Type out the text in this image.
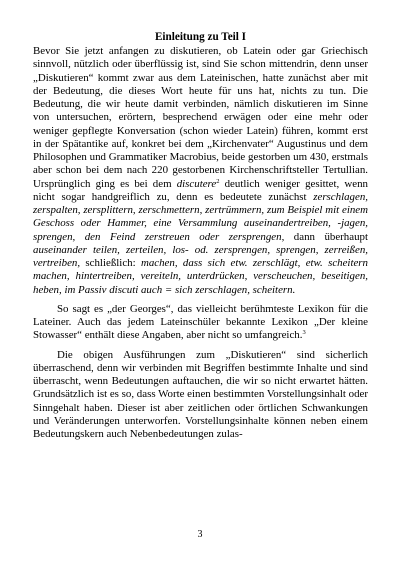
Einleitung zu Teil I

Bevor Sie jetzt anfangen zu diskutieren, ob Latein oder gar Griechisch sinnvoll, nützlich oder überflüssig ist, sind Sie schon mittendrin, denn unser „Diskutieren“ kommt zwar aus dem Lateinischen, hatte zunächst aber mit der Bedeutung, die dieses Wort heute für uns hat, nichts zu tun. Die Bedeutung, die wir heute damit verbinden, nämlich diskutieren im Sinne von untersuchen, erörtern, besprechend erwägen oder eine mehr oder weniger gepflegte Konversation (schon wieder Latein) führen, kommt erst in der Spätantike auf, konkret bei dem „Kirchenvater“ Augustinus und dem Philosophen und Grammatiker Macrobius, beide gestorben um 430, erstmals aber schon bei dem nach 220 gestorbenen Kirchenschriftsteller Tertullian. Ursprünglich ging es bei dem discutere$^2$ deutlich weniger gesittet, wenn nicht sogar handgreiflich zu, denn es bedeutete zunächst zerschlagen, zerspalten, zersplittern, zerschmettern, zertrümmern, zum Beispiel mit einem Geschoss oder Hammer, eine Versammlung auseinandertreiben, -jagen, sprengen, den Feind zerstreuen oder zersprengen, dann überhaupt auseinander teilen, zerteilen, los- od. zersprengen, sprengen, zerreißen, vertreiben, schließlich: machen, dass sich etw. zerschlägt, etw. scheitern machen, hintertreiben, vereiteln, unterdrücken, verscheuchen, beseitigen, heben, im Passiv discuti auch = sich zerschlagen, scheitern.

So sagt es „der Georges“, das vielleicht berühmteste Lexikon für die Lateiner. Auch das jedem Lateinschüler bekannte Lexikon „Der kleine Stowasser“ enthält diese Angaben, aber nicht so umfangreich.$^3$

Die obigen Ausführungen zum „Diskutieren“ sind sicherlich überraschend, denn wir verbinden mit Begriffen bestimmte Inhalte und sind überrascht, wenn Bedeutungen auftauchen, die wir so nicht erwartet hätten. Grundsätzlich ist es so, dass Worte einen bestimmten Vorstellungsinhalt oder Sinngehalt haben. Dieser ist aber zeitlichen oder örtlichen Schwankungen und Veränderungen unterworfen. Vorstellungsinhalte können neben einem Bedeutungskern auch Nebenbedeutungen zulas-

3
